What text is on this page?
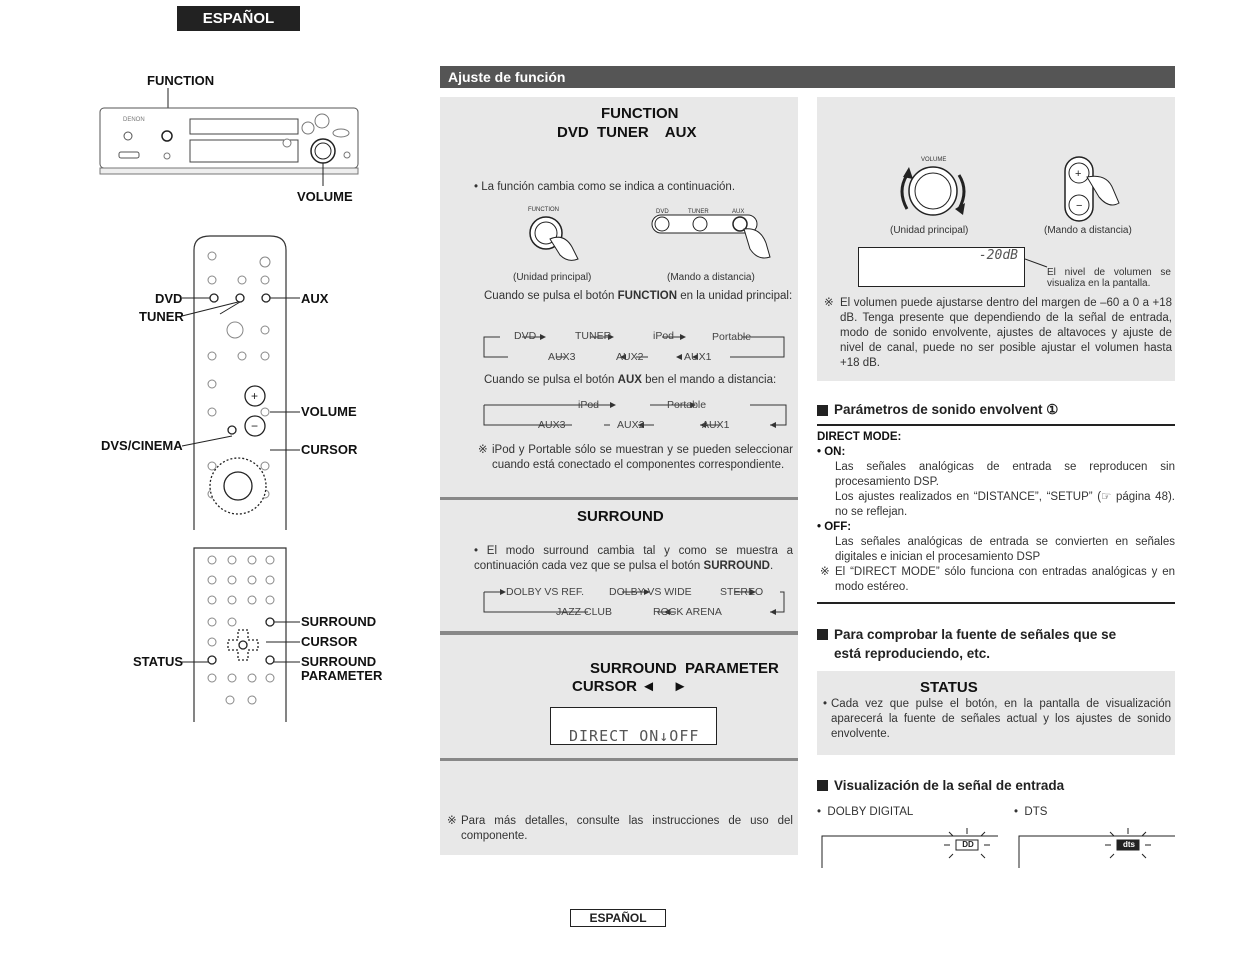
ESPAÑOL
FUNCTION
DENON
VOLUME
+
−
DVD
TUNER
AUX
VOLUME
DVS/CINEMA	CURSOR
SURROUND
CURSOR
STATUS	SURROUND
PARAMETER
Ajuste de función
FUNCTION
DVD  TUNER    AUX
• La función cambia como se indica a continuación.
FUNCTION
(Unidad principal)
DVD	TUNER	AUX
(Mando a distancia)
Cuando se pulsa el botón FUNCTION en la unidad principal:
DVD	TUNER	iPod	Portable
AUX3	AUX2	AUX1
Cuando se pulsa el botón AUX ben el mando a distancia:
iPod	Portable
AUX3	AUX2	AUX1
※ iPod y Portable sólo se muestran y se pueden seleccionar cuando está conectado el componentes correspondiente.
SURROUND
• El modo surround cambia tal y como se muestra a continuación cada vez que se pulsa el botón SURROUND.
DOLBY VS REF. DOLBY VS WIDE	STEREO
JAZZ CLUB	ROCK ARENA
SURROUND  PARAMETER
CURSOR ◄    ►
DIRECT ON↓OFF
※ Para más detalles, consulte las instrucciones de uso del componente.
VOLUME
(Unidad principal)
+
−
(Mando a distancia)
-20dB
El nivel de volumen se visualiza en la pantalla.
※ El volumen puede ajustarse dentro del margen de –60 a 0 a +18 dB. Tenga presente que dependiendo de la señal de entrada, modo de sonido envolvente, ajustes de altavoces y ajuste de nivel de canal, puede no ser posible ajustar el volumen hasta +18 dB.
Parámetros de sonido envolvent ①
DIRECT MODE:
• ON:
Las señales analógicas de entrada se reproducen sin procesamiento DSP.
Los ajustes realizados en “DISTANCE”, “SETUP” (☞ página 48). no se reflejan.
• OFF:
Las señales analógicas de entrada se convierten en señales digitales e inician el procesamiento DSP
※ El “DIRECT MODE” sólo funciona con entradas analógicas y en modo estéreo.
Para comprobar la fuente de señales que se
está reproduciendo, etc.
STATUS
• Cada vez que pulse el botón, en la pantalla de visualización aparecerá la fuente de señales actual y los ajustes de sonido envolvente.
Visualización de la señal de entrada
•  DOLBY DIGITAL	•  DTS
DD	dts
ESPAÑOL
